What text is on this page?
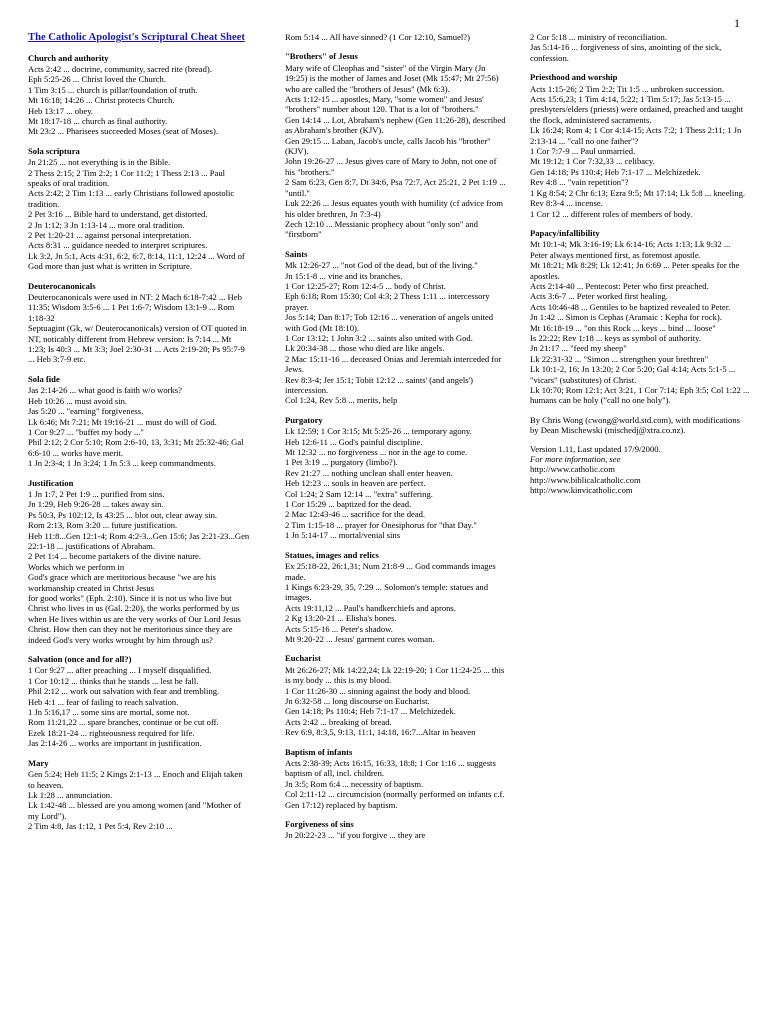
1
The Catholic Apologist's Scriptural Cheat Sheet
Church and authority
Acts 2:42 ... doctrine, community, sacred rite (bread).
Eph 5:25-26 ... Christ loved the Church.
1 Tim 3:15 ... church is pillar/foundation of truth.
Mt 16:18; 14:26 ... Christ protects Church.
Heb 13:17 ... obey.
Mt 18:17-18 ... church as final authority.
Mt 23:2 ... Pharisees succeeded Moses (seat of Moses).
Sola scriptura
Jn 21:25 ... not everything is in the Bible.
2 Thess 2:15; 2 Tim 2:2; 1 Cor 11:2; 1 Thess 2:13 ... Paul speaks of oral tradition.
Acts 2:42; 2 Tim 1:13 ... early Christians followed apostolic tradition.
2 Pet 3:16 ... Bible hard to understand, get distorted.
2 Jn 1:12; 3 Jn 1:13-14 ... more oral tradition.
2 Pet 1:20-21 ... against personal interpretation.
Acts 8:31 ... guidance needed to interpret scriptures.
Lk 3:2, Jn 5:1, Acts 4:31, 6:2, 6:7, 8:14, 11:1, 12:24 ... Word of God more than just what is written in Scripture.
Deuterocanonicals
Deuterocanonicals were used in NT: 2 Mach 6:18-7:42 ... Heb 11:35; Wisdom 3:5-6 ... 1 Pet 1:6-7; Wisdom 13:1-9 ... Rom 1:18-32
Septuagint (Gk, w/ Deuterocanonicals) version of OT quoted in NT, noticably different from Hebrew version: Is 7:14 ... Mt 1:23; Is 40:3 ... Mt 3:3; Joel 2:30-31 ... Acts 2:19-20; Ps 95:7-9 ... Heb 3:7-9 etc.
Sola fide
Jas 2:14-26 ... what good is faith w/o works?
Heb 10:26 ... must avoid sin.
Jas 5:20 ... "earning" forgiveness.
Lk 6:46; Mt 7:21; Mt 19:16-21 ... must do will of God.
1 Cor 9:27 ... "buffet my body ..."
Phil 2:12; 2 Cor 5:10; Rom 2:6-10, 13, 3:31; Mt 25:32-46; Gal 6:6-10 ... works have merit.
1 Jn 2:3-4; 1 Jn 3:24; 1 Jn 5:3 ... keep commandments.
Justification
1 Jn 1:7, 2 Pet 1:9 ... purified from sins.
Jn 1:29, Heb 9:26-28 ... takes away sin.
Ps 50:3, Ps 102:12, Is 43:25 ... blot out, clear away sin.
Rom 2:13, Rom 3:20 ... future justification.
Heb 11:8...Gen 12:1-4; Rom 4:2-3...Gen 15:6; Jas 2:21-23...Gen 22:1-18 ... justifications of Abraham.
2 Pet 1:4 ... become partakers of the divine nature.
Works which we perform in
God's grace which are meritorious because "we are his workmanship created in Christ Jesus
for good works" (Eph. 2:10). Since it is not us who live but Christ who lives in us (Gal. 2:20), the works performed by us when He lives within us are the very works of Our Lord Jesus Christ. How then can they not be meritorious since they are indeed God's very works wrought by him through us?
Salvation (once and for all?)
1 Cor 9:27 ... after preaching ... I myself disqualified.
1 Cor 10:12 ... thinks that he stands ... lest he fall.
Phil 2:12 ... work out salvation with fear and trembling.
Heb 4:1 ... fear of failing to reach salvation.
1 Jn 5:16,17 ... some sins are mortal, some not.
Rom 11:21,22 ... spare branches, continue or be cut off.
Ezek 18:21-24 ... righteousness required for life.
Jas 2:14-26 ... works are important in justification.
Mary
Gen 5:24; Heb 11:5; 2 Kings 2:1-13 ... Enoch and Elijah taken to heaven.
Lk 1:28 ... annunciation.
Lk 1:42-48 ... blessed are you among women (and "Mother of my Lord").
2 Tim 4:8, Jas 1:12, 1 Pet 5:4, Rev 2:10 ...
Rom 5:14 ... All have sinned? (1 Cor 12:10, Samuel?)
"Brothers" of Jesus
Mary wife of Cleophas and "sister" of the Virgin Mary (Jn 19:25) is the mother of James and Joset (Mk 15:47; Mt 27:56) who are called the "brothers of Jesus" (Mk 6:3).
Acts 1:12-15 ... apostles, Mary, "some women" and Jesus' "brothers" number about 120. That is a lot of "brothers."
Gen 14:14 ... Lot, Abraham's nephew (Gen 11:26-28), described as Abraham's brother (KJV).
Gen 29:15 ... Laban, Jacob's uncle, calls Jacob his "brother" (KJV).
John 19:26-27 ... Jesus gives care of Mary to John, not one of his "brothers."
2 Sam 6:23, Gen 8:7, Dt 34:6, Psa 72:7, Act 25:21, 2 Pet 1:19 ... "until."
Luk 22:26 ... Jesus equates youth with humility (cf advice from his older brethren, Jn 7:3-4)
Zech 12:10 ... Messianic prophecy about "only son" and "firstborn"
Saints
Mk 12:26-27 ... "not God of the dead, but of the living."
Jn 15:1-8 ... vine and its branches.
1 Cor 12:25-27; Rom 12:4-5 ... body of Christ.
Eph 6:18; Rom 15:30; Col 4:3; 2 Thess 1:11 ... intercessory prayer.
Jos 5:14; Dan 8:17; Tob 12:16 ... veneration of angels united with God (Mt 18:10).
1 Cor 13:12; 1 John 3:2 ... saints also united with God.
Lk 20:34-38 ... those who died are like angels.
2 Mac 15:11-16 ... deceased Onias and Jeremiah interceded for Jews.
Rev 8:3-4; Jer 15:1; Tobit 12:12 ... saints' (and angels') intercession.
Col 1:24, Rev 5:8 ... merits, help
Purgatory
Lk 12:59; 1 Cor 3:15; Mt 5:25-26 ... temporary agony.
Heb 12:6-11 ... God's painful discipline.
Mt 12:32 ... no forgiveness ... nor in the age to come.
1 Pet 3:19 ... purgatory (limbo?).
Rev 21:27 ... nothing unclean shall enter heaven.
Heb 12:23 ... souls in heaven are perfect.
Col 1:24; 2 Sam 12:14 ... "extra" suffering.
1 Cor 15:29 ... baptized for the dead.
2 Mac 12:43-46 ... sacrifice for the dead.
2 Tim 1:15-18 ... prayer for Onesiphorus for "that Day."
1 Jn 5:14-17 ... mortal/venial sins
Statues, images and relics
Ex 25:18-22, 26:1,31; Num 21:8-9 ... God commands images made.
1 Kings 6:23-29, 35, 7:29 ... Solomon's temple: statues and images.
Acts 19:11,12 ... Paul's handkerchiefs and aprons.
2 Kg 13:20-21 ... Elisha's bones.
Acts 5:15-16 ... Peter's shadow.
Mt 9:20-22 ... Jesus' garment cures woman.
Eucharist
Mt 26:26-27; Mk 14:22,24; Lk 22:19-20; 1 Cor 11:24-25 ... this is my body ... this is my blood.
1 Cor 11:26-30 ... sinning against the body and blood.
Jn 6:32-58 ... long discourse on Eucharist.
Gen 14:18; Ps 110:4; Heb 7:1-17 ... Melchizedek.
Acts 2:42 ... breaking of bread.
Rev 6:9, 8:3,5, 9:13, 11:1, 14:18, 16:7...Altar in heaven
Baptism of infants
Acts 2:38-39; Acts 16:15, 16:33, 18:8; 1 Cor 1:16 ... suggests baptism of all, incl. children.
Jn 3:5; Rom 6:4 ... necessity of baptism.
Col 2:11-12 ... circumcision (normally performed on infants c.f. Gen 17:12) replaced by baptism.
Forgiveness of sins
Jn 20:22-23 ... "if you forgive ... they are
2 Cor 5:18 ... ministry of reconciliation.
Jas 5:14-16 ... forgiveness of sins, anointing of the sick, confession.
Priesthood and worship
Acts 1:15-26; 2 Tim 2:2; Tit 1:5 ... unbroken succession.
Acts 15:6,23; 1 Tim 4:14, 5:22; 1 Tim 5:17; Jas 5:13-15 ... presbyters/elders (priests) were ordained, preached and taught the flock, administered sacraments.
Lk 16:24; Rom 4; 1 Cor 4:14-15; Acts 7:2; 1 Thess 2:11; 1 Jn 2:13-14 ... "call no one father"?
1 Cor 7:7-9 ... Paul unmarried.
Mt 19:12; 1 Cor 7:32,33 ... celibacy.
Gen 14:18; Ps 110:4; Heb 7:1-17 ... Melchizedek.
Rev 4:8 ... "vain repetition"?
1 Kg 8:54; 2 Chr 6:13; Ezra 9:5; Mt 17:14; Lk 5:8 ... kneeling.
Rev 8:3-4 ... incense.
1 Cor 12 ... different roles of members of body.
Papacy/infallibility
Mt 10:1-4; Mk 3:16-19; Lk 6:14-16; Acts 1:13; Lk 9:32 ... Peter always mentioned first, as foremost apostle.
Mt 18:21; Mk 8:29; Lk 12:41; Jn 6:69 ... Peter speaks for the apostles.
Acts 2:14-40 ... Pentecost: Peter who first preached.
Acts 3:6-7 ... Peter worked first healing.
Acts 10:46-48 ... Gentiles to be baptized revealed to Peter.
Jn 1:42 ... Simon is Cephas (Aramaic : Kepha for rock).
Mt 16:18-19 ... "on this Rock ... keys ... bind ... loose"
Is 22:22; Rev 1:18 ... keys as symbol of authority.
Jn 21:17 ... "feed my sheep"
Lk 22:31-32 ... "Simon ... strengthen your brethren"
Lk 10:1-2, 16; Jn 13:20; 2 Cor 5:20; Gal 4:14; Acts 5:1-5 ... "vicars" (substitutes) of Christ.
Lk 10:70; Rom 12:1; Act 3:21, 1 Cor 7:14; Eph 3:5; Col 1:22 ... humans can be holy ("call no one holy").
By Chris Wong (cwong@world.std.com), with modifications by Dean Mischewski (mischedj@xtra.co.nz).
Version 1.11, Last updated 17/9/2000.
For more information, see
http://www.catholic.com
http://www.biblicalcatholic.com
http://www.kinvicatholic.com
